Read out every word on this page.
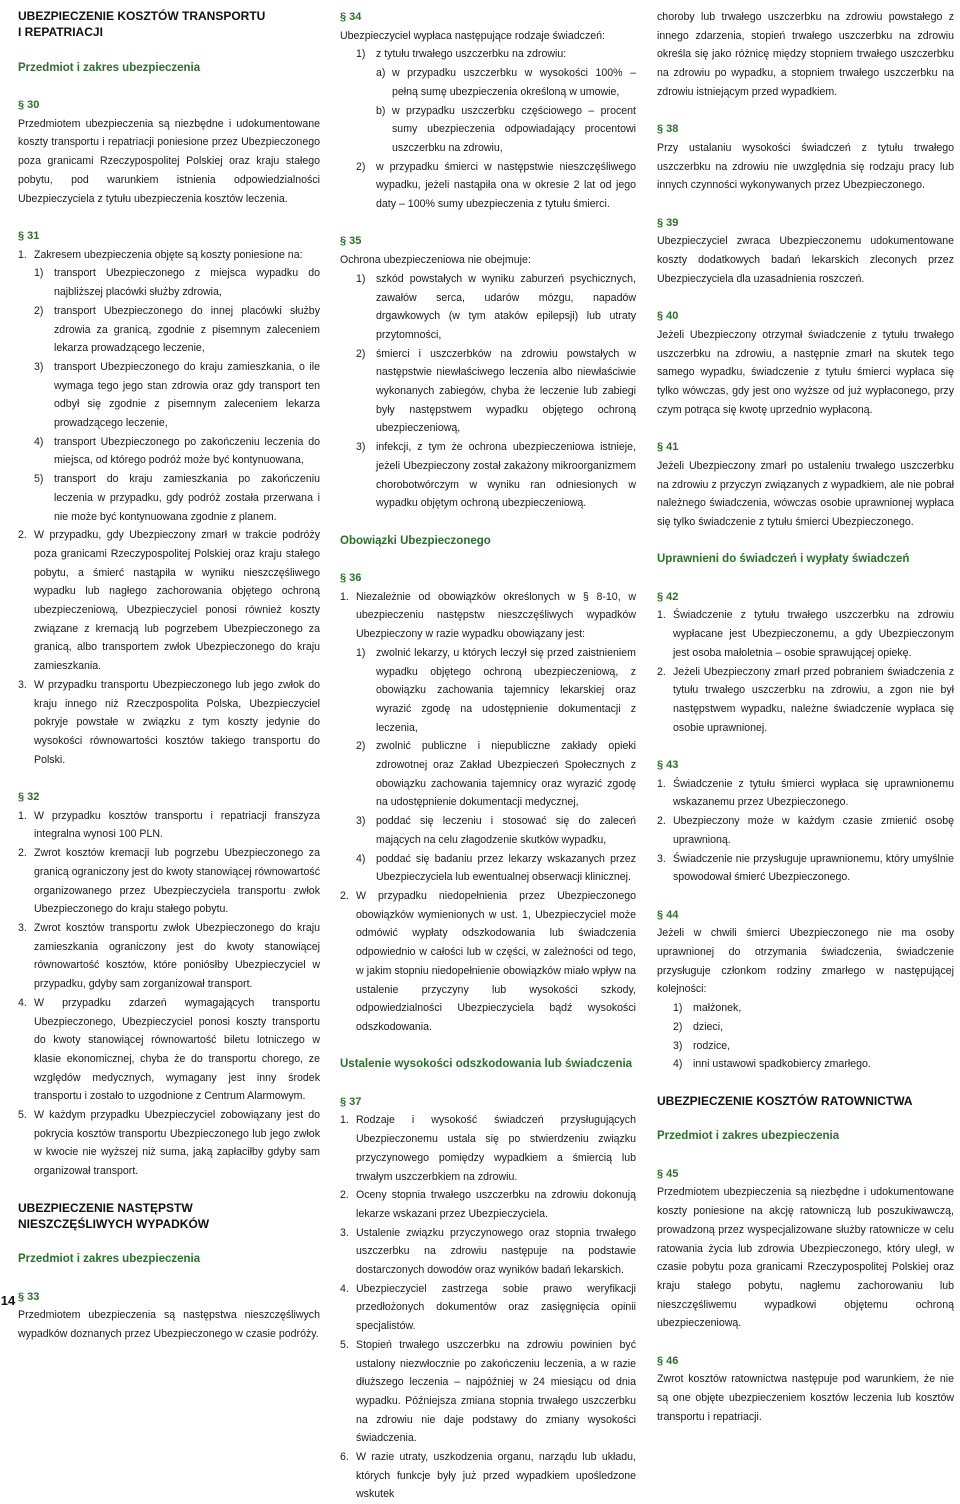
UBEZPIECZENIE KOSZTÓW TRANSPORTU
I REPATRIACJI
Przedmiot i zakres ubezpieczenia
§ 30

Przedmiotem ubezpieczenia są niezbędne i udokumentowane koszty transportu i repatriacji poniesione przez Ubezpieczonego poza granicami Rzeczypospolitej Polskiej oraz kraju stałego pobytu, pod warunkiem istnienia odpowiedzialności Ubezpieczyciela z tytułu ubezpieczenia kosztów leczenia.

§ 31
1. Zakresem ubezpieczenia objęte są koszty poniesione na:
1) transport Ubezpieczonego z miejsca wypadku do najbliższej placówki służby zdrowia,
2) transport Ubezpieczonego do innej placówki służby zdrowia za granicą, zgodnie z pisemnym zaleceniem lekarza prowadzącego leczenie,
3) transport Ubezpieczonego do kraju zamieszkania, o ile wymaga tego jego stan zdrowia oraz gdy transport ten odbył się zgodnie z pisemnym zaleceniem lekarza prowadzącego leczenie,
4) transport Ubezpieczonego po zakończeniu leczenia do miejsca, od którego podróż może być kontynuowana,
5) transport do kraju zamieszkania po zakończeniu leczenia w przypadku, gdy podróż została przerwana i nie może być kontynuowana zgodnie z planem.
2. W przypadku, gdy Ubezpieczony zmarł w trakcie podróży poza granicami Rzeczypospolitej Polskiej oraz kraju stałego pobytu, a śmierć nastąpiła w wyniku nieszczęśliwego wypadku lub nagłego zachorowania objętego ochroną ubezpieczeniową, Ubezpieczyciel ponosi również koszty związane z kremacją lub pogrzebem Ubezpieczonego za granicą, albo transportem zwłok Ubezpieczonego do kraju zamieszkania.
3. W przypadku transportu Ubezpieczonego lub jego zwłok do kraju innego niż Rzeczpospolita Polska, Ubezpieczyciel pokryje powstałe w związku z tym koszty jedynie do wysokości równowartości kosztów takiego transportu do Polski.
§ 32
1. W przypadku kosztów transportu i repatriacji franszyza integralna wynosi 100 PLN.
2. Zwrot kosztów kremacji lub pogrzebu Ubezpieczonego za granicą ograniczony jest do kwoty stanowiącej równowartość organizowanego przez Ubezpieczyciela transportu zwłok Ubezpieczonego do kraju stałego pobytu.
3. Zwrot kosztów transportu zwłok Ubezpieczonego do kraju zamieszkania ograniczony jest do kwoty stanowiącej równowartość kosztów, które poniósłby Ubezpieczyciel w przypadku, gdyby sam zorganizował transport.
4. W przypadku zdarzeń wymagających transportu Ubezpieczonego, Ubezpieczyciel ponosi koszty transportu do kwoty stanowiącej równowartość biletu lotniczego w klasie ekonomicznej, chyba że do transportu chorego, ze względów medycznych, wymagany jest inny środek transportu i zostało to uzgodnione z Centrum Alarmowym.
5. W każdym przypadku Ubezpieczyciel zobowiązany jest do pokrycia kosztów transportu Ubezpieczonego lub jego zwłok w kwocie nie wyższej niż suma, jaką zapłaciłby gdyby sam organizował transport.
UBEZPIECZENIE NASTĘPSTW
NIESZCZĘŚLIWYCH WYPADKÓW
Przedmiot i zakres ubezpieczenia
§ 33

Przedmiotem ubezpieczenia są następstwa nieszczęśliwych wypadków doznanych przez Ubezpieczonego w czasie podróży.

§ 34

Ubezpieczyciel wypłaca następujące rodzaje świadczeń:

1) z tytułu trwałego uszczerbku na zdrowiu:
a) w przypadku uszczerbku w wysokości 100% – pełną sumę ubezpieczenia określoną w umowie,
b) w przypadku uszczerbku częściowego – procent sumy ubezpieczenia odpowiadający procentowi uszczerbku na zdrowiu,
2) w przypadku śmierci w następstwie nieszczęśliwego wypadku, jeżeli nastąpiła ona w okresie 2 lat od jego daty – 100% sumy ubezpieczenia z tytułu śmierci.
§ 35

Ochrona ubezpieczeniowa nie obejmuje:

1) szkód powstałych w wyniku zaburzeń psychicznych, zawałów serca, udarów mózgu, napadów drgawkowych (w tym ataków epilepsji) lub utraty przytomności,
2) śmierci i uszczerbków na zdrowiu powstałych w następstwie niewłaściwego leczenia albo niewłaściwie wykonanych zabiegów, chyba że leczenie lub zabiegi były następstwem wypadku objętego ochroną ubezpieczeniową,
3) infekcji, z tym że ochrona ubezpieczeniowa istnieje, jeżeli Ubezpieczony został zakażony mikroorganizmem chorobotwórczym w wyniku ran odniesionych w wypadku objętym ochroną ubezpieczeniową.
Obowiązki Ubezpieczonego
§ 36
1. Niezależnie od obowiązków określonych w § 8-10, w ubezpieczeniu następstw nieszczęśliwych wypadków Ubezpieczony w razie wypadku obowiązany jest:
1) zwolnić lekarzy, u których leczył się przed zaistnieniem wypadku objętego ochroną ubezpieczeniową, z obowiązku zachowania tajemnicy lekarskiej oraz wyrazić zgodę na udostępnienie dokumentacji z leczenia,
2) zwolnić publiczne i niepubliczne zakłady opieki zdrowotnej oraz Zakład Ubezpieczeń Społecznych z obowiązku zachowania tajemnicy oraz wyrazić zgodę na udostępnienie dokumentacji medycznej,
3) poddać się leczeniu i stosować się do zaleceń mających na celu złagodzenie skutków wypadku,
4) poddać się badaniu przez lekarzy wskazanych przez Ubezpieczyciela lub ewentualnej obserwacji klinicznej.
2. W przypadku niedopełnienia przez Ubezpieczonego obowiązków wymienionych w ust. 1, Ubezpieczyciel może odmówić wypłaty odszkodowania lub świadczenia odpowiednio w całości lub w części, w zależności od tego, w jakim stopniu niedopełnienie obowiązków miało wpływ na ustalenie przyczyny lub wysokości szkody, odpowiedzialności Ubezpieczyciela bądź wysokości odszkodowania.
Ustalenie wysokości odszkodowania lub świadczenia
§ 37
1. Rodzaje i wysokość świadczeń przysługujących Ubezpieczonemu ustala się po stwierdzeniu związku przyczynowego pomiędzy wypadkiem a śmiercią lub trwałym uszczerbkiem na zdrowiu.
2. Oceny stopnia trwałego uszczerbku na zdrowiu dokonują lekarze wskazani przez Ubezpieczyciela.
3. Ustalenie związku przyczynowego oraz stopnia trwałego uszczerbku na zdrowiu następuje na podstawie dostarczonych dowodów oraz wyników badań lekarskich.
4. Ubezpieczyciel zastrzega sobie prawo weryfikacji przedłożonych dokumentów oraz zasięgnięcia opinii specjalistów.
5. Stopień trwałego uszczerbku na zdrowiu powinien być ustalony niezwłocznie po zakończeniu leczenia, a w razie dłuższego leczenia – najpóźniej w 24 miesiącu od dnia wypadku. Późniejsza zmiana stopnia trwałego uszczerbku na zdrowiu nie daje podstawy do zmiany wysokości świadczenia.
6. W razie utraty, uszkodzenia organu, narządu lub układu, których funkcje były już przed wypadkiem upośledzone wskutek

choroby lub trwałego uszczerbku na zdrowiu powstałego z innego zdarzenia, stopień trwałego uszczerbku na zdrowiu określa się jako różnicę między stopniem trwałego uszczerbku na zdrowiu po wypadku, a stopniem trwałego uszczerbku na zdrowiu istniejącym przed wypadkiem.

§ 38

Przy ustalaniu wysokości świadczeń z tytułu trwałego uszczerbku na zdrowiu nie uwzględnia się rodzaju pracy lub innych czynności wykonywanych przez Ubezpieczonego.

§ 39

Ubezpieczyciel zwraca Ubezpieczonemu udokumentowane koszty dodatkowych badań lekarskich zleconych przez Ubezpieczyciela dla uzasadnienia roszczeń.

§ 40

Jeżeli Ubezpieczony otrzymał świadczenie z tytułu trwałego uszczerbku na zdrowiu, a następnie zmarł na skutek tego samego wypadku, świadczenie z tytułu śmierci wypłaca się tylko wówczas, gdy jest ono wyższe od już wypłaconego, przy czym potrąca się kwotę uprzednio wypłaconą.

§ 41

Jeżeli Ubezpieczony zmarł po ustaleniu trwałego uszczerbku na zdrowiu z przyczyn związanych z wypadkiem, ale nie pobrał należnego świadczenia, wówczas osobie uprawnionej wypłaca się tylko świadczenie z tytułu śmierci Ubezpieczonego.

Uprawnieni do świadczeń i wypłaty świadczeń
§ 42
1. Świadczenie z tytułu trwałego uszczerbku na zdrowiu wypłacane jest Ubezpieczonemu, a gdy Ubezpieczonym jest osoba małoletnia – osobie sprawującej opiekę.
2. Jeżeli Ubezpieczony zmarł przed pobraniem świadczenia z tytułu trwałego uszczerbku na zdrowiu, a zgon nie był następstwem wypadku, należne świadczenie wypłaca się osobie uprawnionej.
§ 43
1. Świadczenie z tytułu śmierci wypłaca się uprawnionemu wskazanemu przez Ubezpieczonego.
2. Ubezpieczony może w każdym czasie zmienić osobę uprawnioną.
3. Świadczenie nie przysługuje uprawnionemu, który umyślnie spowodował śmierć Ubezpieczonego.
§ 44

Jeżeli w chwili śmierci Ubezpieczonego nie ma osoby uprawnionej do otrzymania świadczenia, świadczenie przysługuje członkom rodziny zmarłego w następującej kolejności:

1) małżonek,
2) dzieci,
3) rodzice,
4) inni ustawowi spadkobiercy zmarłego.
UBEZPIECZENIE KOSZTÓW RATOWNICTWA
Przedmiot i zakres ubezpieczenia
§ 45

Przedmiotem ubezpieczenia są niezbędne i udokumentowane koszty poniesione na akcję ratowniczą lub poszukiwawczą, prowadzoną przez wyspecjalizowane służby ratownicze w celu ratowania życia lub zdrowia Ubezpieczonego, który uległ, w czasie pobytu poza granicami Rzeczypospolitej Polskiej oraz kraju stałego pobytu, nagłemu zachorowaniu lub nieszczęśliwemu wypadkowi objętemu ochroną ubezpieczeniową.

§ 46

Zwrot kosztów ratownictwa następuje pod warunkiem, że nie są one objęte ubezpieczeniem kosztów leczenia lub kosztów transportu i repatriacji.

14
